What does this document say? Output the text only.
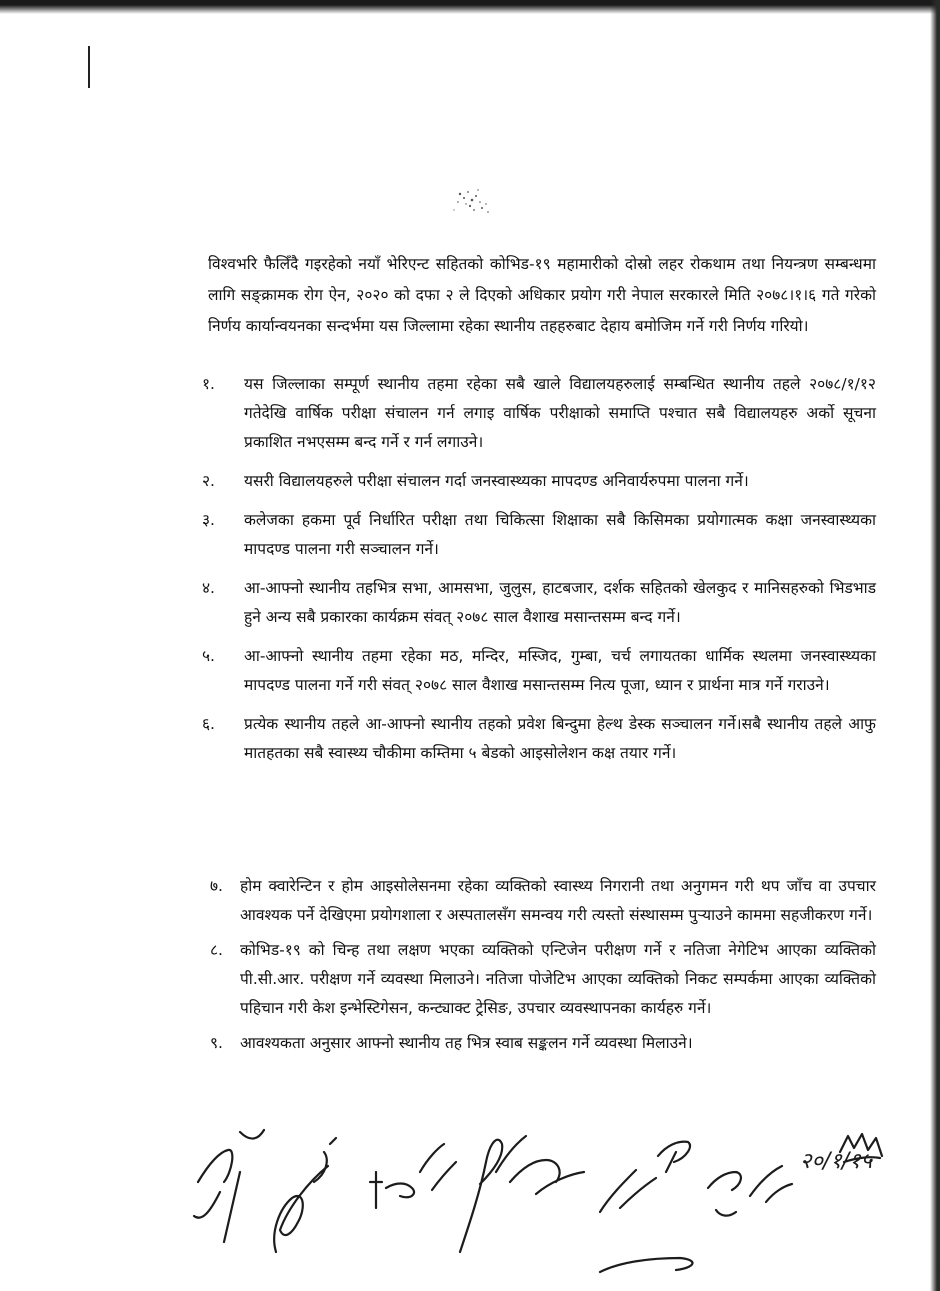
विश्वभरि फैलिँदै गइरहेको नयाँ भेरिएन्ट सहितको कोभिड-१९ महामारीको दोस्रो लहर रोकथाम तथा नियन्त्रण सम्बन्धमा लागि सङ्क्रामक रोग ऐन, २०२० को दफा २ ले दिएको अधिकार प्रयोग गरी नेपाल सरकारले मिति २०७८।१।६ गते गरेको निर्णय कार्यान्वयनका सन्दर्भमा यस जिल्लामा रहेका स्थानीय तहहरुबाट देहाय बमोजिम गर्ने गरी निर्णय गरियो।

१. यस जिल्लाका सम्पूर्ण स्थानीय तहमा रहेका सबै खाले विद्यालयहरुलाई सम्बन्धित स्थानीय तहले २०७८/१/१२ गतेदेखि वार्षिक परीक्षा संचालन गर्न लगाइ वार्षिक परीक्षाको समाप्ति पश्चात सबै विद्यालयहरु अर्को सूचना प्रकाशित नभएसम्म बन्द गर्ने र गर्न लगाउने।
२. यसरी विद्यालयहरुले परीक्षा संचालन गर्दा जनस्वास्थ्यका मापदण्ड अनिवार्यरुपमा पालना गर्ने।
३. कलेजका हकमा पूर्व निर्धारित परीक्षा तथा चिकित्सा शिक्षाका सबै किसिमका प्रयोगात्मक कक्षा जनस्वास्थ्यका मापदण्ड पालना गरी सञ्चालन गर्ने।
४. आ-आफ्नो स्थानीय तहभित्र सभा, आमसभा, जुलुस, हाटबजार, दर्शक सहितको खेलकुद र मानिसहरुको भिडभाड हुने अन्य सबै प्रकारका कार्यक्रम संवत् २०७८ साल वैशाख मसान्तसम्म बन्द गर्ने।
५. आ-आफ्नो स्थानीय तहमा रहेका मठ, मन्दिर, मस्जिद, गुम्बा, चर्च लगायतका धार्मिक स्थलमा जनस्वास्थ्यका मापदण्ड पालना गर्ने गरी संवत् २०७८ साल वैशाख मसान्तसम्म नित्य पूजा, ध्यान र प्रार्थना मात्र गर्ने गराउने।
६. प्रत्येक स्थानीय तहले आ-आफ्नो स्थानीय तहको प्रवेश बिन्दुमा हेल्थ डेस्क सञ्चालन गर्ने।सबै स्थानीय तहले आफु मातहतका सबै स्वास्थ्य चौकीमा कम्तिमा ५ बेडको आइसोलेशन कक्ष तयार गर्ने।
७. होम क्वारेन्टिन र होम आइसोलेसनमा रहेका व्यक्तिको स्वास्थ्य निगरानी तथा अनुगमन गरी थप जाँच वा उपचार आवश्यक पर्ने देखिएमा प्रयोगशाला र अस्पतालसँग समन्वय गरी त्यस्तो संस्थासम्म पुर्‍याउने काममा सहजीकरण गर्ने।
८. कोभिड-१९ को चिन्ह तथा लक्षण भएका व्यक्तिको एन्टिजेन परीक्षण गर्ने र नतिजा नेगेटिभ आएका व्यक्तिको पी.सी.आर. परीक्षण गर्ने व्यवस्था मिलाउने। नतिजा पोजेटिभ आएका व्यक्तिको निकट सम्पर्कमा आएका व्यक्तिको पहिचान गरी केश इन्भेस्टिगेसन, कन्ट्याक्ट ट्रेसिङ, उपचार व्यवस्थापनका कार्यहरु गर्ने।
९. आवश्यकता अनुसार आफ्नो स्थानीय तह भित्र स्वाब सङ्कलन गर्ने व्यवस्था मिलाउने।
२०/१/१५
